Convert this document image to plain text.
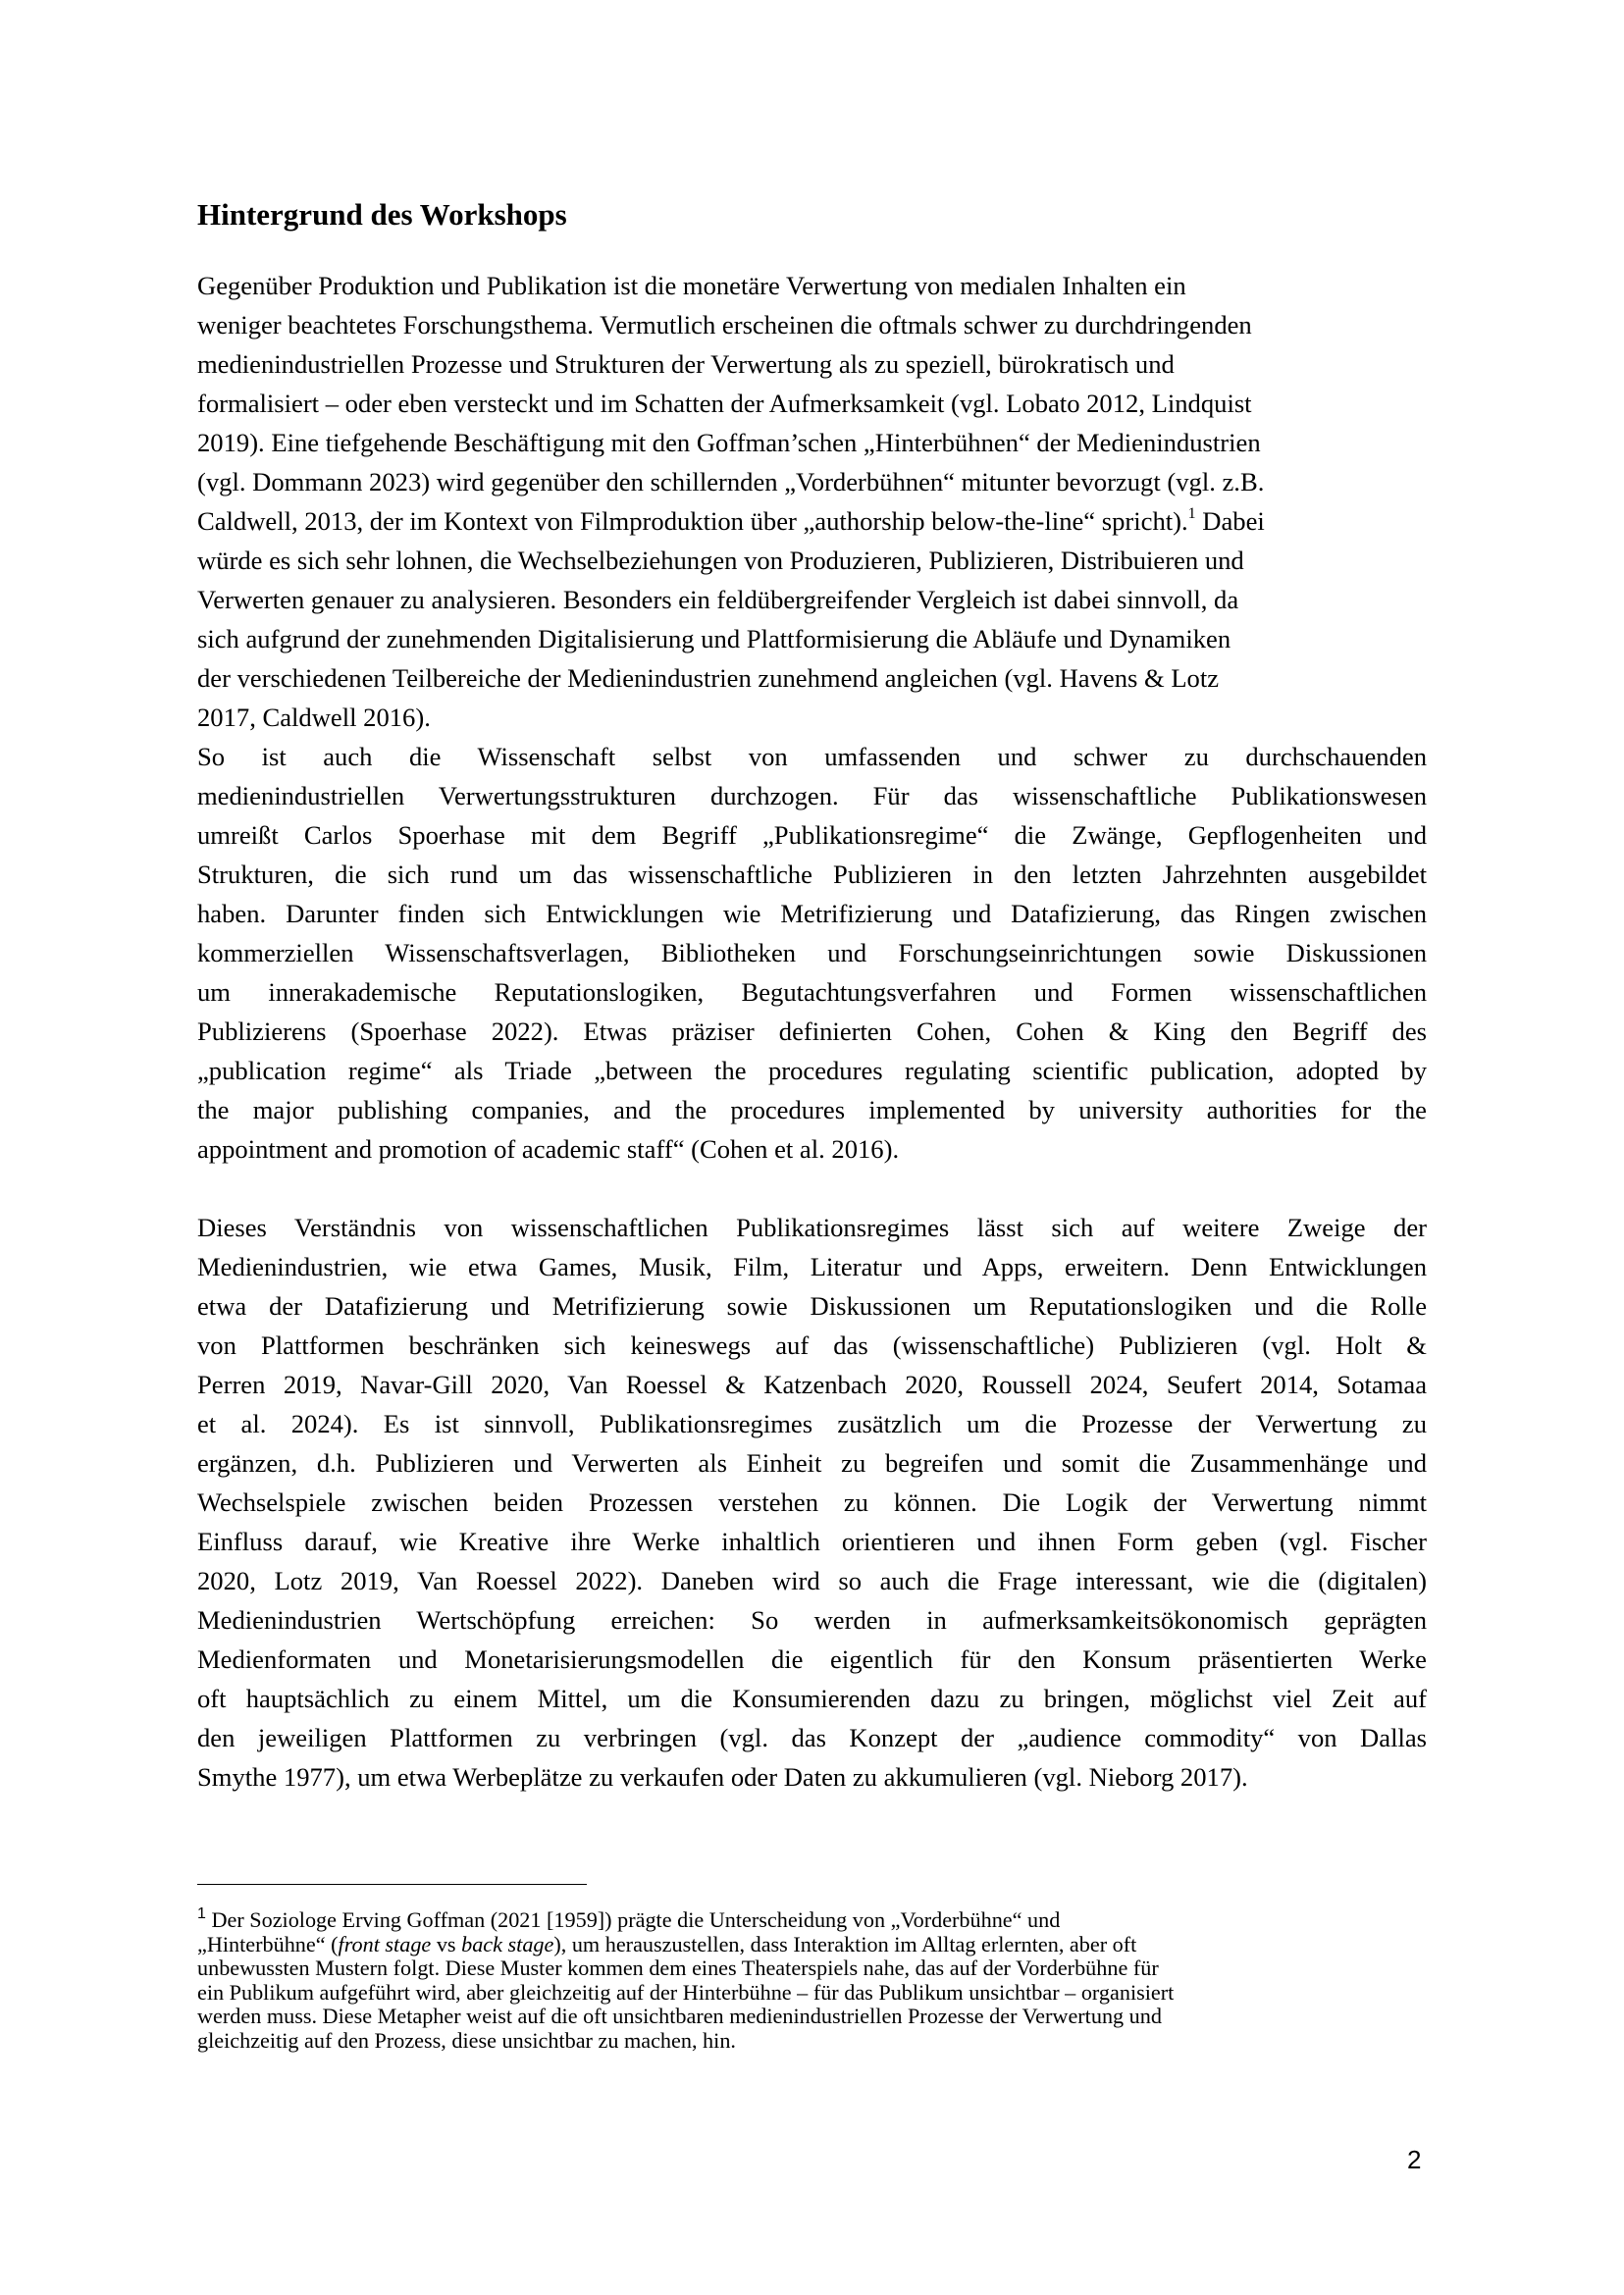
Hintergrund des Workshops
Gegenüber Produktion und Publikation ist die monetäre Verwertung von medialen Inhalten ein
weniger beachtetes Forschungsthema. Vermutlich erscheinen die oftmals schwer zu durchdringenden
medienindustriellen Prozesse und Strukturen der Verwertung als zu speziell, bürokratisch und
formalisiert – oder eben versteckt und im Schatten der Aufmerksamkeit (vgl. Lobato 2012, Lindquist
2019). Eine tiefgehende Beschäftigung mit den Goffman’schen „Hinterbühnen“ der Medienindustrien
(vgl. Dommann 2023) wird gegenüber den schillernden „Vorderbühnen“ mitunter bevorzugt (vgl. z.B.
Caldwell, 2013, der im Kontext von Filmproduktion über „authorship below-the-line“ spricht).$^1$ Dabei
würde es sich sehr lohnen, die Wechselbeziehungen von Produzieren, Publizieren, Distribuieren und
Verwerten genauer zu analysieren. Besonders ein feldübergreifender Vergleich ist dabei sinnvoll, da
sich aufgrund der zunehmenden Digitalisierung und Plattformisierung die Abläufe und Dynamiken
der verschiedenen Teilbereiche der Medienindustrien zunehmend angleichen (vgl. Havens & Lotz
2017, Caldwell 2016).
So ist auch die Wissenschaft selbst von umfassenden und schwer zu durchschauenden
medienindustriellen Verwertungsstrukturen durchzogen. Für das wissenschaftliche Publikationswesen
umreißt Carlos Spoerhase mit dem Begriff „Publikationsregime“ die Zwänge, Gepflogenheiten und
Strukturen, die sich rund um das wissenschaftliche Publizieren in den letzten Jahrzehnten ausgebildet
haben. Darunter finden sich Entwicklungen wie Metrifizierung und Datafizierung, das Ringen zwischen
kommerziellen Wissenschaftsverlagen, Bibliotheken und Forschungseinrichtungen sowie Diskussionen
um innerakademische Reputationslogiken, Begutachtungsverfahren und Formen wissenschaftlichen
Publizierens (Spoerhase 2022). Etwas präziser definierten Cohen, Cohen & King den Begriff des
„publication regime“ als Triade „between the procedures regulating scientific publication, adopted by
the major publishing companies, and the procedures implemented by university authorities for the
appointment and promotion of academic staff“ (Cohen et al. 2016).
Dieses Verständnis von wissenschaftlichen Publikationsregimes lässt sich auf weitere Zweige der
Medienindustrien, wie etwa Games, Musik, Film, Literatur und Apps, erweitern. Denn Entwicklungen
etwa der Datafizierung und Metrifizierung sowie Diskussionen um Reputationslogiken und die Rolle
von Plattformen beschränken sich keineswegs auf das (wissenschaftliche) Publizieren (vgl. Holt &
Perren 2019, Navar-Gill 2020, Van Roessel & Katzenbach 2020, Roussell 2024, Seufert 2014, Sotamaa
et al. 2024). Es ist sinnvoll, Publikationsregimes zusätzlich um die Prozesse der Verwertung zu
ergänzen, d.h. Publizieren und Verwerten als Einheit zu begreifen und somit die Zusammenhänge und
Wechselspiele zwischen beiden Prozessen verstehen zu können. Die Logik der Verwertung nimmt
Einfluss darauf, wie Kreative ihre Werke inhaltlich orientieren und ihnen Form geben (vgl. Fischer
2020, Lotz 2019, Van Roessel 2022). Daneben wird so auch die Frage interessant, wie die (digitalen)
Medienindustrien Wertschöpfung erreichen: So werden in aufmerksamkeitsökonomisch geprägten
Medienformaten und Monetarisierungsmodellen die eigentlich für den Konsum präsentierten Werke
oft hauptsächlich zu einem Mittel, um die Konsumierenden dazu zu bringen, möglichst viel Zeit auf
den jeweiligen Plattformen zu verbringen (vgl. das Konzept der „audience commodity“ von Dallas
Smythe 1977), um etwa Werbeplätze zu verkaufen oder Daten zu akkumulieren (vgl. Nieborg 2017).
$^1$ Der Soziologe Erving Goffman (2021 [1959]) prägte die Unterscheidung von „Vorderbühne“ und
„Hinterbühne“ (front stage vs back stage), um herauszustellen, dass Interaktion im Alltag erlernten, aber oft
unbewussten Mustern folgt. Diese Muster kommen dem eines Theaterspiels nahe, das auf der Vorderbühne für
ein Publikum aufgeführt wird, aber gleichzeitig auf der Hinterbühne – für das Publikum unsichtbar – organisiert
werden muss. Diese Metapher weist auf die oft unsichtbaren medienindustriellen Prozesse der Verwertung und
gleichzeitig auf den Prozess, diese unsichtbar zu machen, hin.
2
